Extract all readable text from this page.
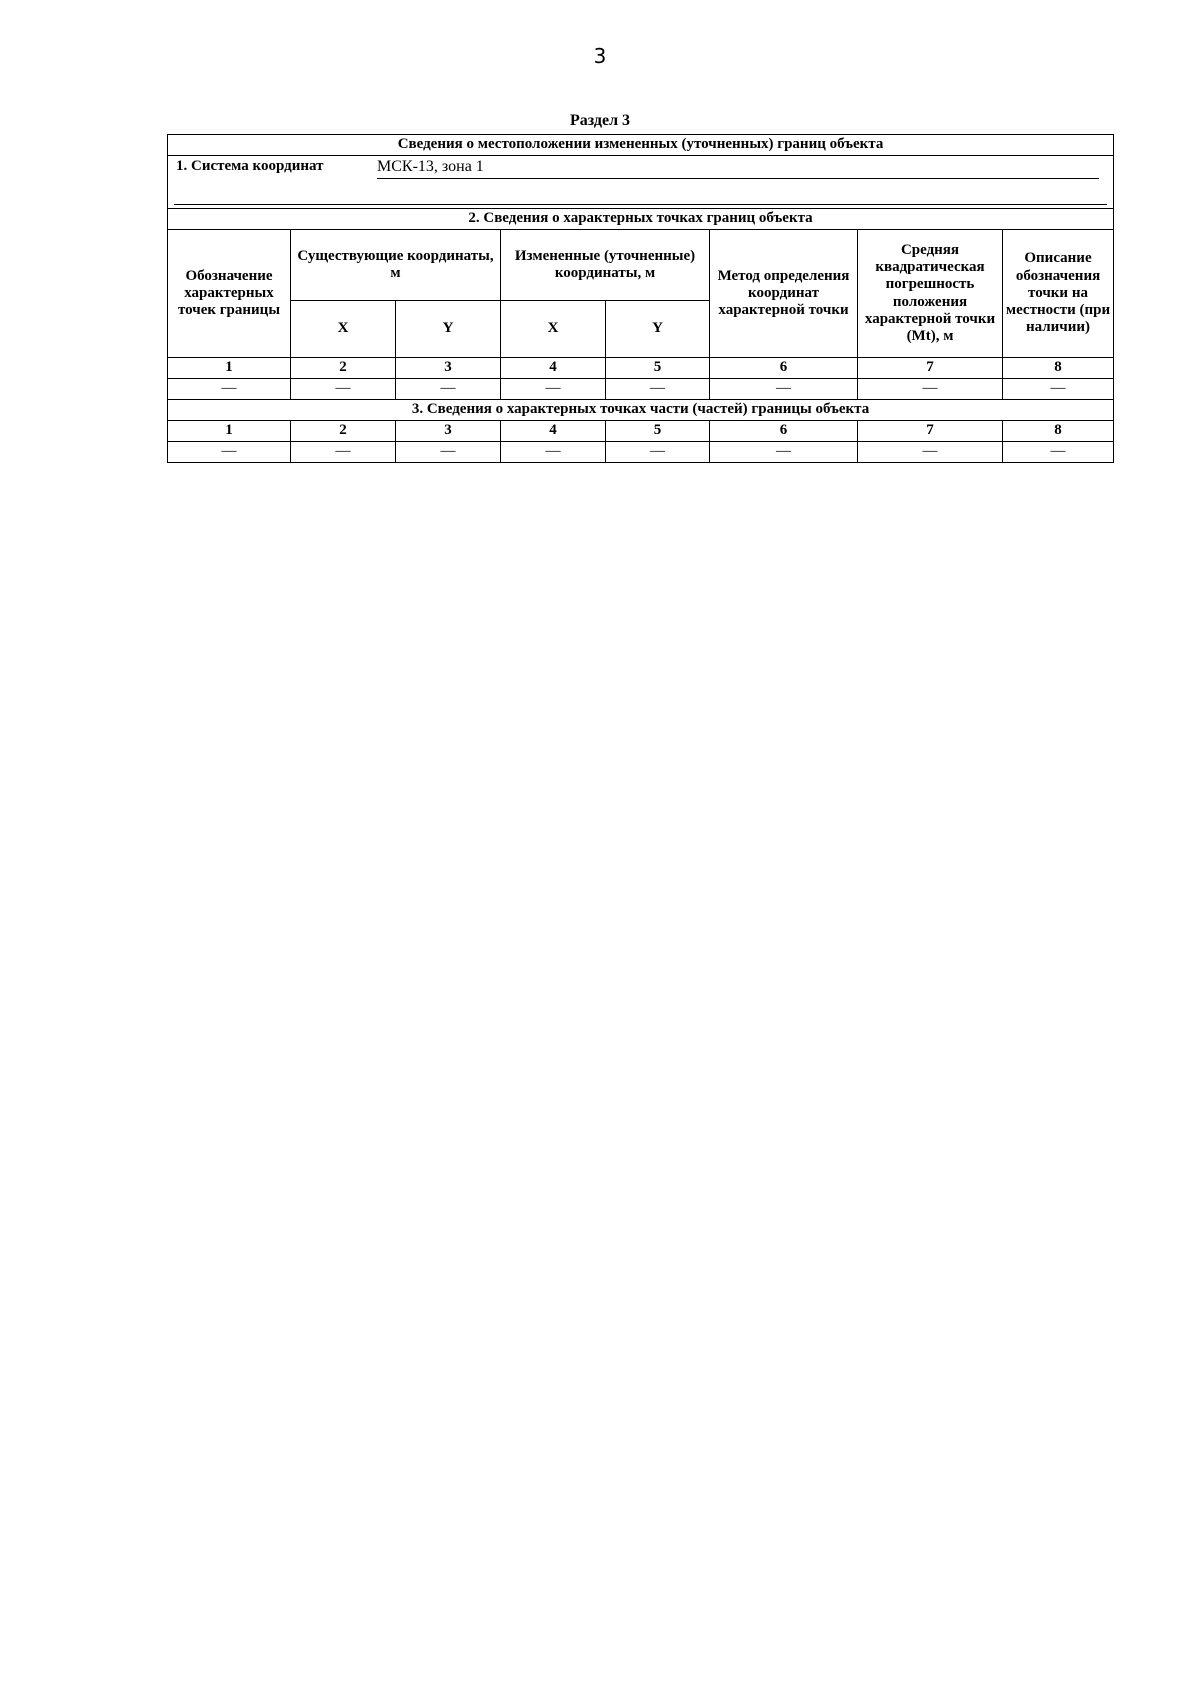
3
Раздел 3
Сведения о местоположении измененных (уточненных) границ объекта							

1. Система координат МСК-13, зона 1							

2. Сведения о характерных точках границ объекта							
Обозначение характерных точек границы	Существующие координаты, м		Измененные (уточненные) координаты, м		Метод определения координат характерной точки	Средняя квадратическая погрешность положения характерной точки (Mt), м	Описание обозначения точки на местности (при наличии)
	X	Y	X	Y			
1	2	3	4	5	6	7	8
—	—	—	—	—	—	—	—
3. Сведения о характерных точках части (частей) границы объекта							
1	2	3	4	5	6	7	8
—	—	—	—	—	—	—	—
